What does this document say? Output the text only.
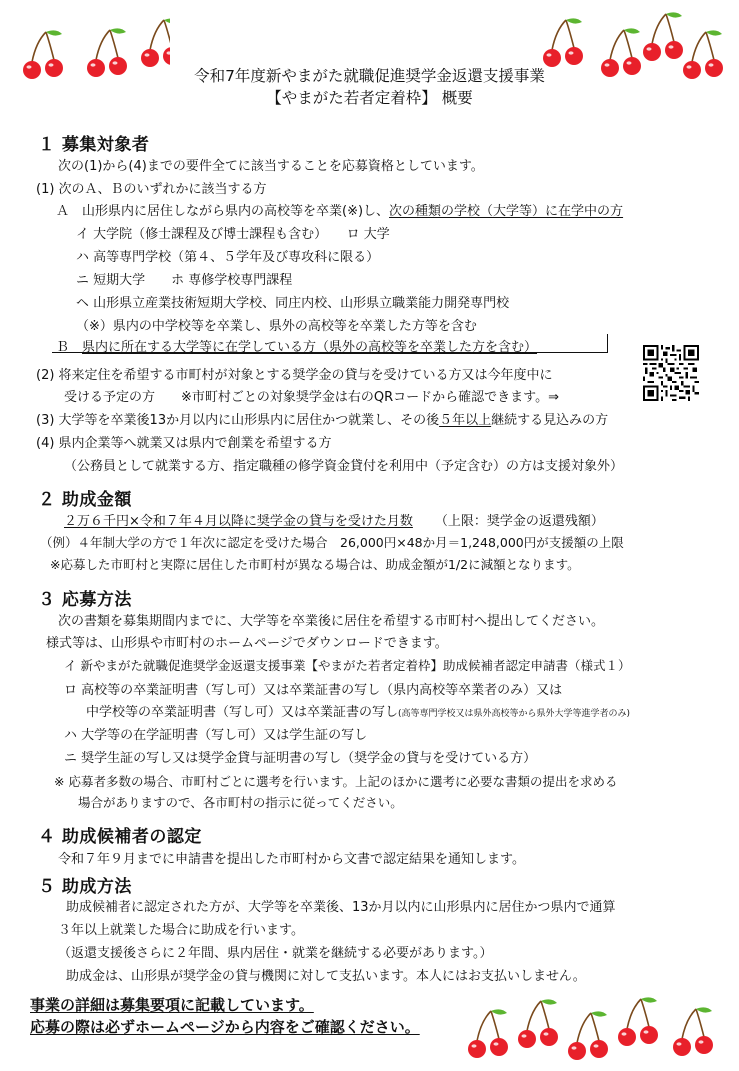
令和7年度新やまがた就職促進奨学金返還支援事業
【やまがた若者定着枠】 概要
１ 募集対象者
次の(1)から(4)までの要件全てに該当することを応募資格としています。
(1) 次のＡ、Ｂのいずれかに該当する方
Ａ　山形県内に居住しながら県内の高校等を卒業(※)し、次の種類の学校（大学等）に在学中の方
イ 大学院（修士課程及び博士課程も含む）　　ロ 大学
ハ 高等専門学校（第４、５学年及び専攻科に限る）
ニ 短期大学　　ホ 専修学校専門課程
ヘ 山形県立産業技術短期大学校、同庄内校、山形県立職業能力開発専門校
（※）県内の中学校等を卒業し、県外の高校等を卒業した方等を含む
Ｂ　県内に所在する大学等に在学している方（県外の高校等を卒業した方を含む）
(2) 将来定住を希望する市町村が対象とする奨学金の貸与を受けている方又は今年度中に
受ける予定の方　　※市町村ごとの対象奨学金は右のQRコードから確認できます。⇒
(3) 大学等を卒業後13か月以内に山形県内に居住かつ就業し、その後５年以上継続する見込みの方
(4) 県内企業等へ就業又は県内で創業を希望する方
（公務員として就業する方、指定職種の修学資金貸付を利用中（予定含む）の方は支援対象外）
２ 助成金額
２万６千円×令和７年４月以降に奨学金の貸与を受けた月数 （上限：奨学金の返還残額）
（例）４年制大学の方で１年次に認定を受けた場合　26,000円×48か月＝1,248,000円が支援額の上限
※応募した市町村と実際に居住した市町村が異なる場合は、助成金額が1/2に減額となります。
３ 応募方法
次の書類を募集期間内までに、大学等を卒業後に居住を希望する市町村へ提出してください。
様式等は、山形県や市町村のホームページでダウンロードできます。
イ 新やまがた就職促進奨学金返還支援事業【やまがた若者定着枠】助成候補者認定申請書（様式１）
ロ 高校等の卒業証明書（写し可）又は卒業証書の写し（県内高校等卒業者のみ）又は
中学校等の卒業証明書（写し可）又は卒業証書の写し(高等専門学校又は県外高校等から県外大学等進学者のみ)
ハ 大学等の在学証明書（写し可）又は学生証の写し
ニ 奨学生証の写し又は奨学金貸与証明書の写し（奨学金の貸与を受けている方）
※ 応募者多数の場合、市町村ごとに選考を行います。上記のほかに選考に必要な書類の提出を求める
場合がありますので、各市町村の指示に従ってください。
４ 助成候補者の認定
令和７年９月までに申請書を提出した市町村から文書で認定結果を通知します。
５ 助成方法
助成候補者に認定された方が、大学等を卒業後、13か月以内に山形県内に居住かつ県内で通算
３年以上就業した場合に助成を行います。
（返還支援後さらに２年間、県内居住・就業を継続する必要があります。）
助成金は、山形県が奨学金の貸与機関に対して支払います。本人にはお支払いしません。
事業の詳細は募集要項に記載しています。
応募の際は必ずホームページから内容をご確認ください。
